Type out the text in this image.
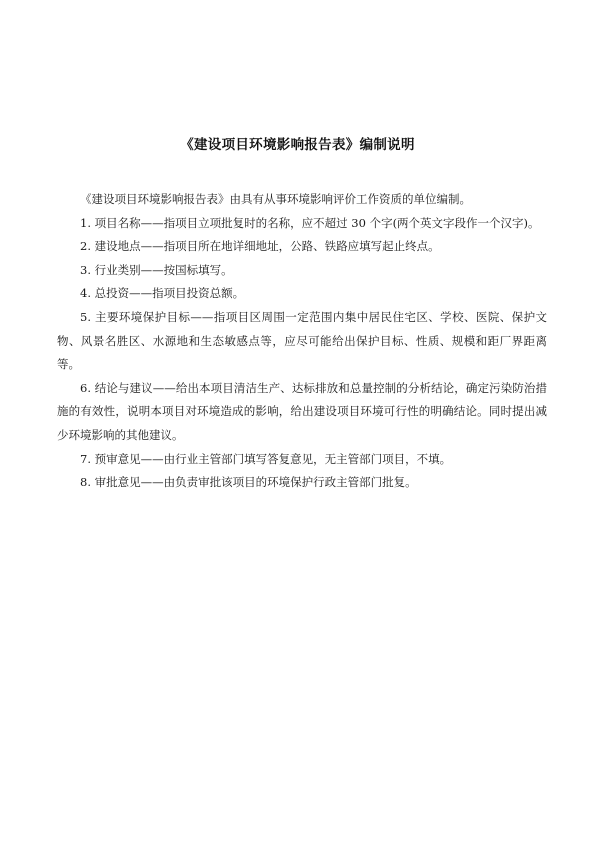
《建设项目环境影响报告表》编制说明

《建设项目环境影响报告表》由具有从事环境影响评价工作资质的单位编制。

1. 项目名称——指项目立项批复时的名称，应不超过 30 个字(两个英文字段作一个汉字)。

2. 建设地点——指项目所在地详细地址，公路、铁路应填写起止终点。

3. 行业类别——按国标填写。

4. 总投资——指项目投资总额。

5. 主要环境保护目标——指项目区周围一定范围内集中居民住宅区、学校、医院、保护文物、风景名胜区、水源地和生态敏感点等，应尽可能给出保护目标、性质、规模和距厂界距离等。

6. 结论与建议——给出本项目清洁生产、达标排放和总量控制的分析结论，确定污染防治措施的有效性，说明本项目对环境造成的影响，给出建设项目环境可行性的明确结论。同时提出减少环境影响的其他建议。

7. 预审意见——由行业主管部门填写答复意见，无主管部门项目，不填。

8. 审批意见——由负责审批该项目的环境保护行政主管部门批复。
